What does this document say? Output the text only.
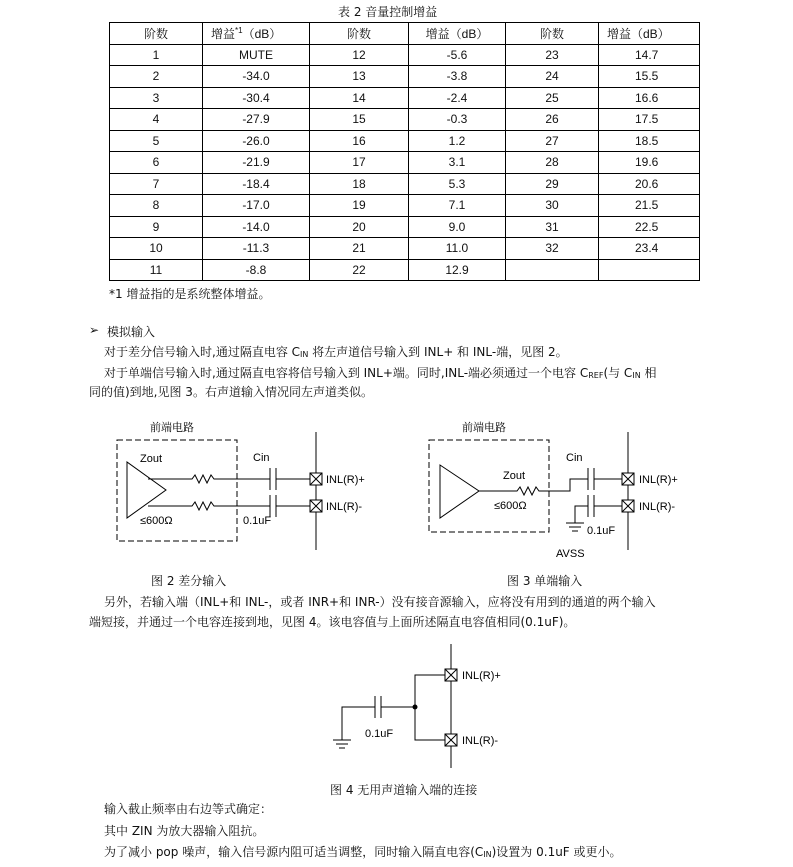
表 2 音量控制增益
阶数	增益$^{*1}$（dB）	阶数	增益（dB）	阶数	增益（dB）
1	MUTE	12	-5.6	23	14.7
2	-34.0	13	-3.8	24	15.5
3	-30.4	14	-2.4	25	16.6
4	-27.9	15	-0.3	26	17.5
5	-26.0	16	1.2	27	18.5
6	-21.9	17	3.1	28	19.6
7	-18.4	18	5.3	29	20.6
8	-17.0	19	7.1	30	21.5
9	-14.0	20	9.0	31	22.5
10	-11.3	21	11.0	32	23.4
11	-8.8	22	12.9		
*1 增益指的是系统整体增益。
➢ 模拟输入
对于差分信号输入时,通过隔直电容 CIN 将左声道信号输入到 INL+ 和 INL-端，见图 2。
对于单端信号输入时,通过隔直电容将信号输入到 INL+端。同时,INL-端必须通过一个电容 CREF(与 CIN 相
同的值)到地,见图 3。右声道输入情况同左声道类似。
前端电路
Zout
≤600Ω
Cin
0.1uF
INL(R)+
INL(R)-
前端电路
Zout
≤600Ω
Cin
0.1uF
AVSS
INL(R)+
INL(R)-
图 2 差分输入	图 3 单端输入
另外，若输入端（INL+和 INL-，或者 INR+和 INR-）没有接音源输入，应将没有用到的通道的两个输入
端短接，并通过一个电容连接到地，见图 4。该电容值与上面所述隔直电容值相同(0.1uF)。
0.1uF
INL(R)+
INL(R)-
图 4 无用声道输入端的连接
输入截止频率由右边等式确定：
其中 ZIN 为放大器输入阻抗。
为了减小 pop 噪声，输入信号源内阻可适当调整，同时输入隔直电容(CIN)设置为 0.1uF 或更小。
